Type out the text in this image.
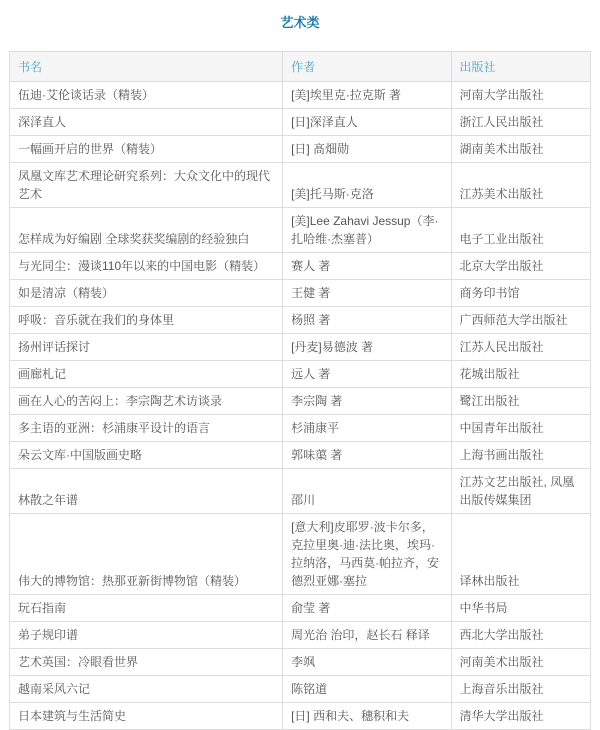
艺术类
书名	作者	出版社
伍迪·艾伦谈话录（精装）	[美]埃里克·拉克斯 著	河南大学出版社
深泽直人	[日]深泽直人	浙江人民出版社
一幅画开启的世界（精装）	[日] 髙畑勋	湖南美术出版社
凤凰文库艺术理论研究系列：大众文化中的现代艺术	[美]托马斯·克洛	江苏美术出版社
怎样成为好编剧 全球奖获奖编剧的经验独白	[美]Lee Zahavi Jessup（李·扎哈维·杰塞普）	电子工业出版社
与光同尘：漫谈110年以来的中国电影（精装）	赛人 著	北京大学出版社
如是清凉（精装）	王健 著	商务印书馆
呼吸：音乐就在我们的身体里	杨照 著	广西师范大学出版社
扬州评话探讨	[丹麦]易德波 著	江苏人民出版社
画廊札记	远人 著	花城出版社
画在人心的苦闷上：李宗陶艺术访谈录	李宗陶 著	鹭江出版社
多主语的亚洲：杉浦康平设计的语言	杉浦康平	中国青年出版社
朵云文库·中国版画史略	郭味蕖 著	上海书画出版社
林散之年谱	邵川	江苏文艺出版社, 凤凰出版传媒集团
伟大的博物馆：热那亚新街博物馆（精装）	[意大利]皮耶罗·波卡尔多，克拉里奥·迪·法比奥，埃玛·拉纳洛，马西莫·帕拉齐，安德烈亚娜·塞拉	译林出版社
玩石指南	俞莹 著	中华书局
弟子规印谱	周光治 治印，赵长石 释译	西北大学出版社
艺术英国：冷眼看世界	李飒	河南美术出版社
越南采风六记	陈铭道	上海音乐出版社
日本建筑与生活简史	[日] 西和夫、穗积和夫	清华大学出版社
